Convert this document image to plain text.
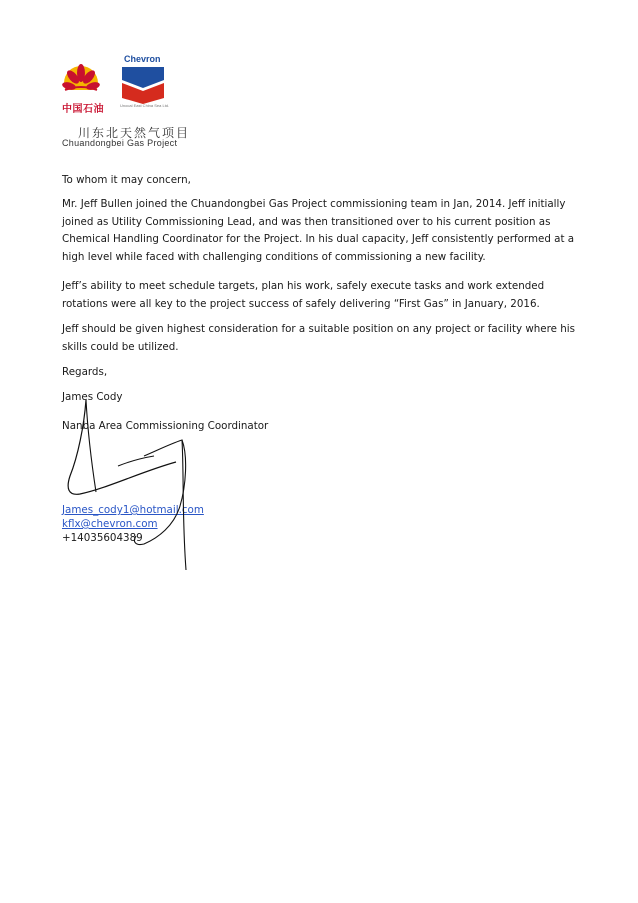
中国石油
Chevron
Unocal East China Sea Ltd.
川东北天然气项目
Chuandongbei Gas Project

To whom it may concern,

Mr. Jeff Bullen joined the Chuandongbei Gas Project commissioning team in Jan, 2014. Jeff initially joined as Utility Commissioning Lead, and was then transitioned over to his current position as Chemical Handling Coordinator for the Project. In his dual capacity, Jeff consistently performed at a high level while faced with challenging conditions of commissioning a new facility.

Jeff’s ability to meet schedule targets, plan his work, safely execute tasks and work extended rotations were all key to the project success of safely delivering “First Gas” in January, 2016.

Jeff should be given highest consideration for a suitable position on any project or facility where his skills could be utilized.

Regards,

James Cody

Nanba Area Commissioning Coordinator

James_cody1@hotmail.com
kflx@chevron.com

+14035604389
